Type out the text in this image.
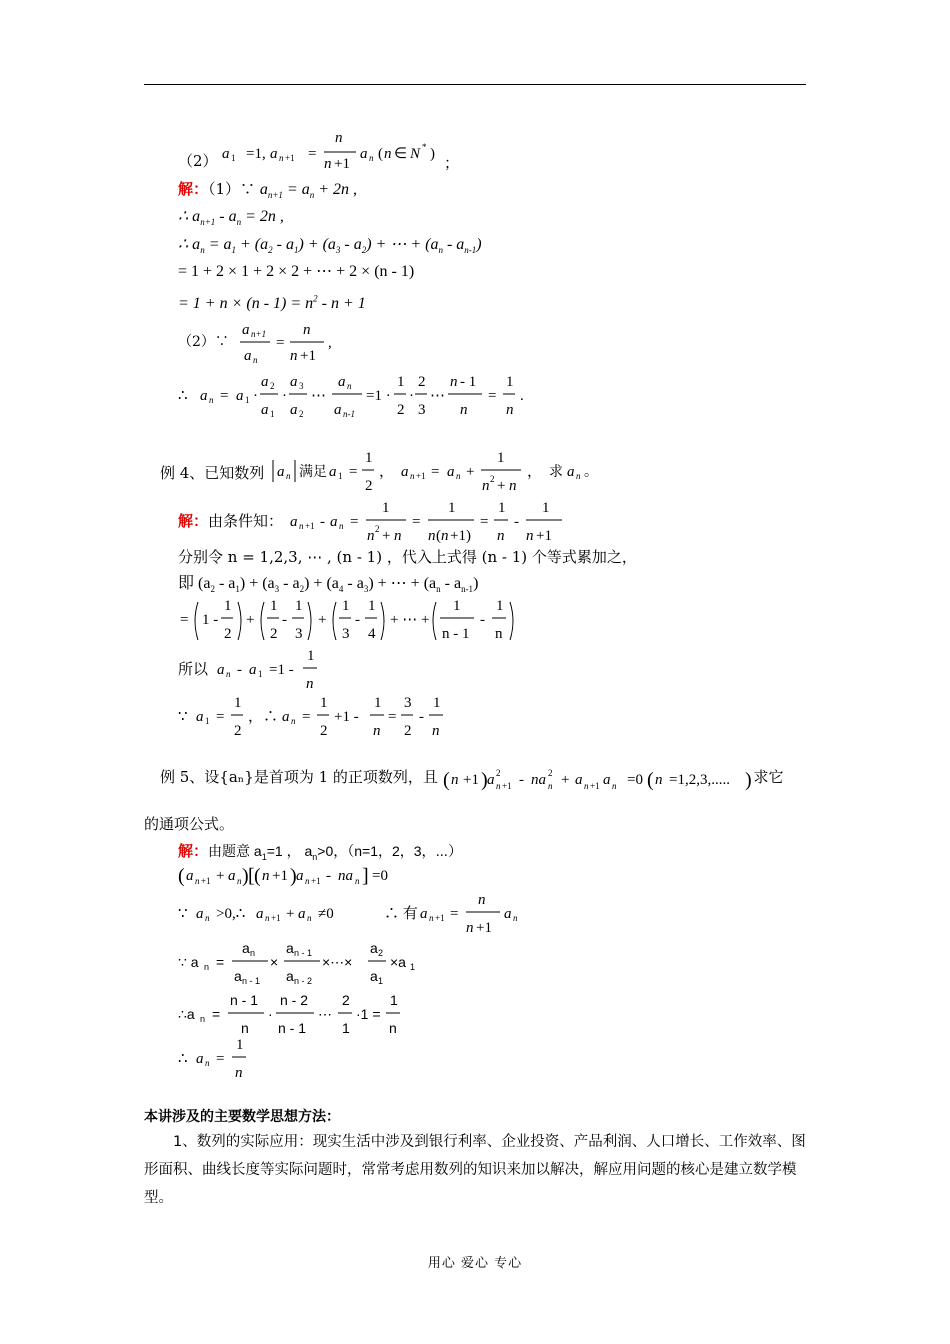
（2） a 1 =1, a n +1 =
n
n +1
a n ( n ∈ N * ) ；
解：（1）∵ $a_{n+1} = a_n + 2n$ ,
∴ $a_{n+1} - a_n = 2n$ ,
∴ $a_n = a_1 + (a_2 - a_1) + (a_3 - a_2)$ + ⋯ + $(a_n - a_{n-1})$
= 1 + 2 × 1 + 2 × 2 + ⋯ + 2 × (n - 1)
= $1 + n \times (n - 1) = n^2 - n + 1$
（2）∵
a n+1
a n
=
n
n +1
,
∴ a n = a 1 ·
a 2
a 1
·
a 3
a 2
⋯
a n
a n-1
=1 ·
1
2
·
2
3
⋯
n - 1
n
=
1
n
.
例 4、已知数列 a n 满足 a 1 =
1
2
， a n +1 = a n +
1
n 2 + n
， 求 a n 。
解：由条件知： a n +1 - a n =
1
n 2 + n
=
1
n ( n +1)
=
1
n
-
1
n +1
分别令 n = 1,2,3, ⋯ , (n - 1) ，代入上式得 (n - 1) 个等式累加之，
即 $(a_2 - a_1) + (a_3 - a_2) + (a_4 - a_3)$ + ⋯ + $(a_n - a_{n-1})$
= 1 -
1
2
+
1
2
-
1
3
+
1
3
-
1
4
+ ⋯ +
1
n - 1
-
1
n
所以 a n - a 1 =1 -
1
n
∵ a 1 =
1
2
，∴ a n =
1
2
+1 -
1
n
=
3
2
-
1
n
例 5、设{aₙ}是首项为 1 的正项数列，且 ( n +1 ) a 2
n +1 - na 2
n + a n +1 a n =0 ( n =1,2,3,..... ) 求它
的通项公式。
解：由题意 $a_1=1$ ， $a_n>0$，（n=1，2，3，⋯）
( a n +1 + a n ) [ ( n +1 ) a n +1 - na n ] =0
∵ a n >0,∴ a n +1 + a n ≠0	∴ 有 a n +1 =
n
n +1
a n
∵ a n =
a n
a n - 1
×
a n - 1
a n - 2
×⋯×
a 2
a 1
×a 1
∴a n =
n - 1
n
·
n - 2
n - 1
⋯
2
1
·1 =
1
n
∴ a n =
1
n
本讲涉及的主要数学思想方法：
1、数列的实际应用：现实生活中涉及到银行利率、企业投资、产品利润、人口增长、工作效率、图形面积、曲线长度等实际问题时，常常考虑用数列的知识来加以解决，解应用问题的核心是建立数学模型。
用心 爱心 专心
